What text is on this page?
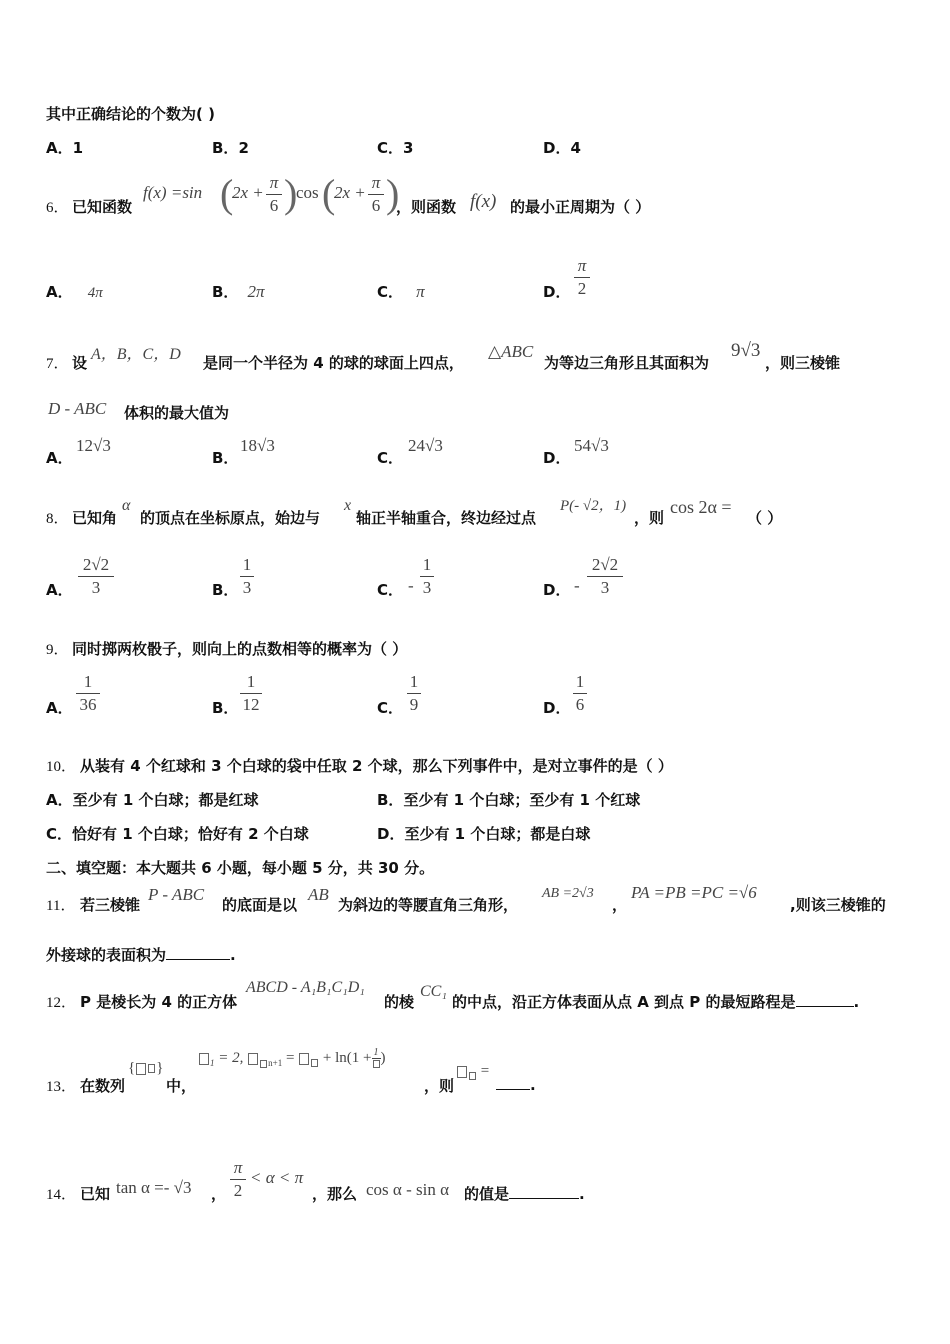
其中正确结论的个数为( )
A．1	B．2	C．3	D．4
6． 已知函数
f(x) =sin (
2x +
π
6 )
cos (
2x +
π
6 )
，则函数 f(x) 的最小正周期为（ ）
A． 4π	B． 2π	C． π	D．
π
2
7． 设 A，B，C，D 是同一个半径为 4 的球的球面上四点，
△ABC
为等边三角形且其面积为
9√3
，则三棱锥
D - ABC 体积的最大值为
A．
12√3
B．
18√3
C．
24√3
D．
54√3
8． 已知角
α
的顶点在坐标原点，始边与
x
轴正半轴重合，终边经过点
P(- √2，1)
，则
cos 2α =
（ ）
A．
2√2
3	B．
1
3	C． -
1
3	D． -
2√2
3
9． 同时掷两枚骰子，则向上的点数相等的概率为（ ）
A．
1
36	B．
1
12	C．
1
9	D．
1
6
10． 从装有 4 个红球和 3 个白球的袋中任取 2 个球，那么下列事件中，是对立事件的是（ ）
A．至少有 1 个白球；都是红球	B．至少有 1 个白球；至少有 1 个红球
C．恰好有 1 个白球；恰好有 2 个白球	D．至少有 1 个白球；都是白球
二、填空题：本大题共 6 小题，每小题 5 分，共 30 分。
11． 若三棱锥
P - ABC
的底面是以
AB
为斜边的等腰直角三角形，
AB =2√3
，
PA =PB =PC =√6
,则该三棱锥的
外接球的表面积为	.
12． P 是棱长为 4 的正方体
ABCD - A₁B₁C₁D₁
的棱
CC₁
的中点，沿正方体表面从点 A 到点 P 的最短路程是	.
13． 在数列
{ }
中，
$_1$ = 2,	$_{n+1}$ = + ln(1 + 1 )
，则
=
.
14． 已知 tan α =- √3 ，
π
2
< α < π
，那么 cos α - sin α 的值是	.
